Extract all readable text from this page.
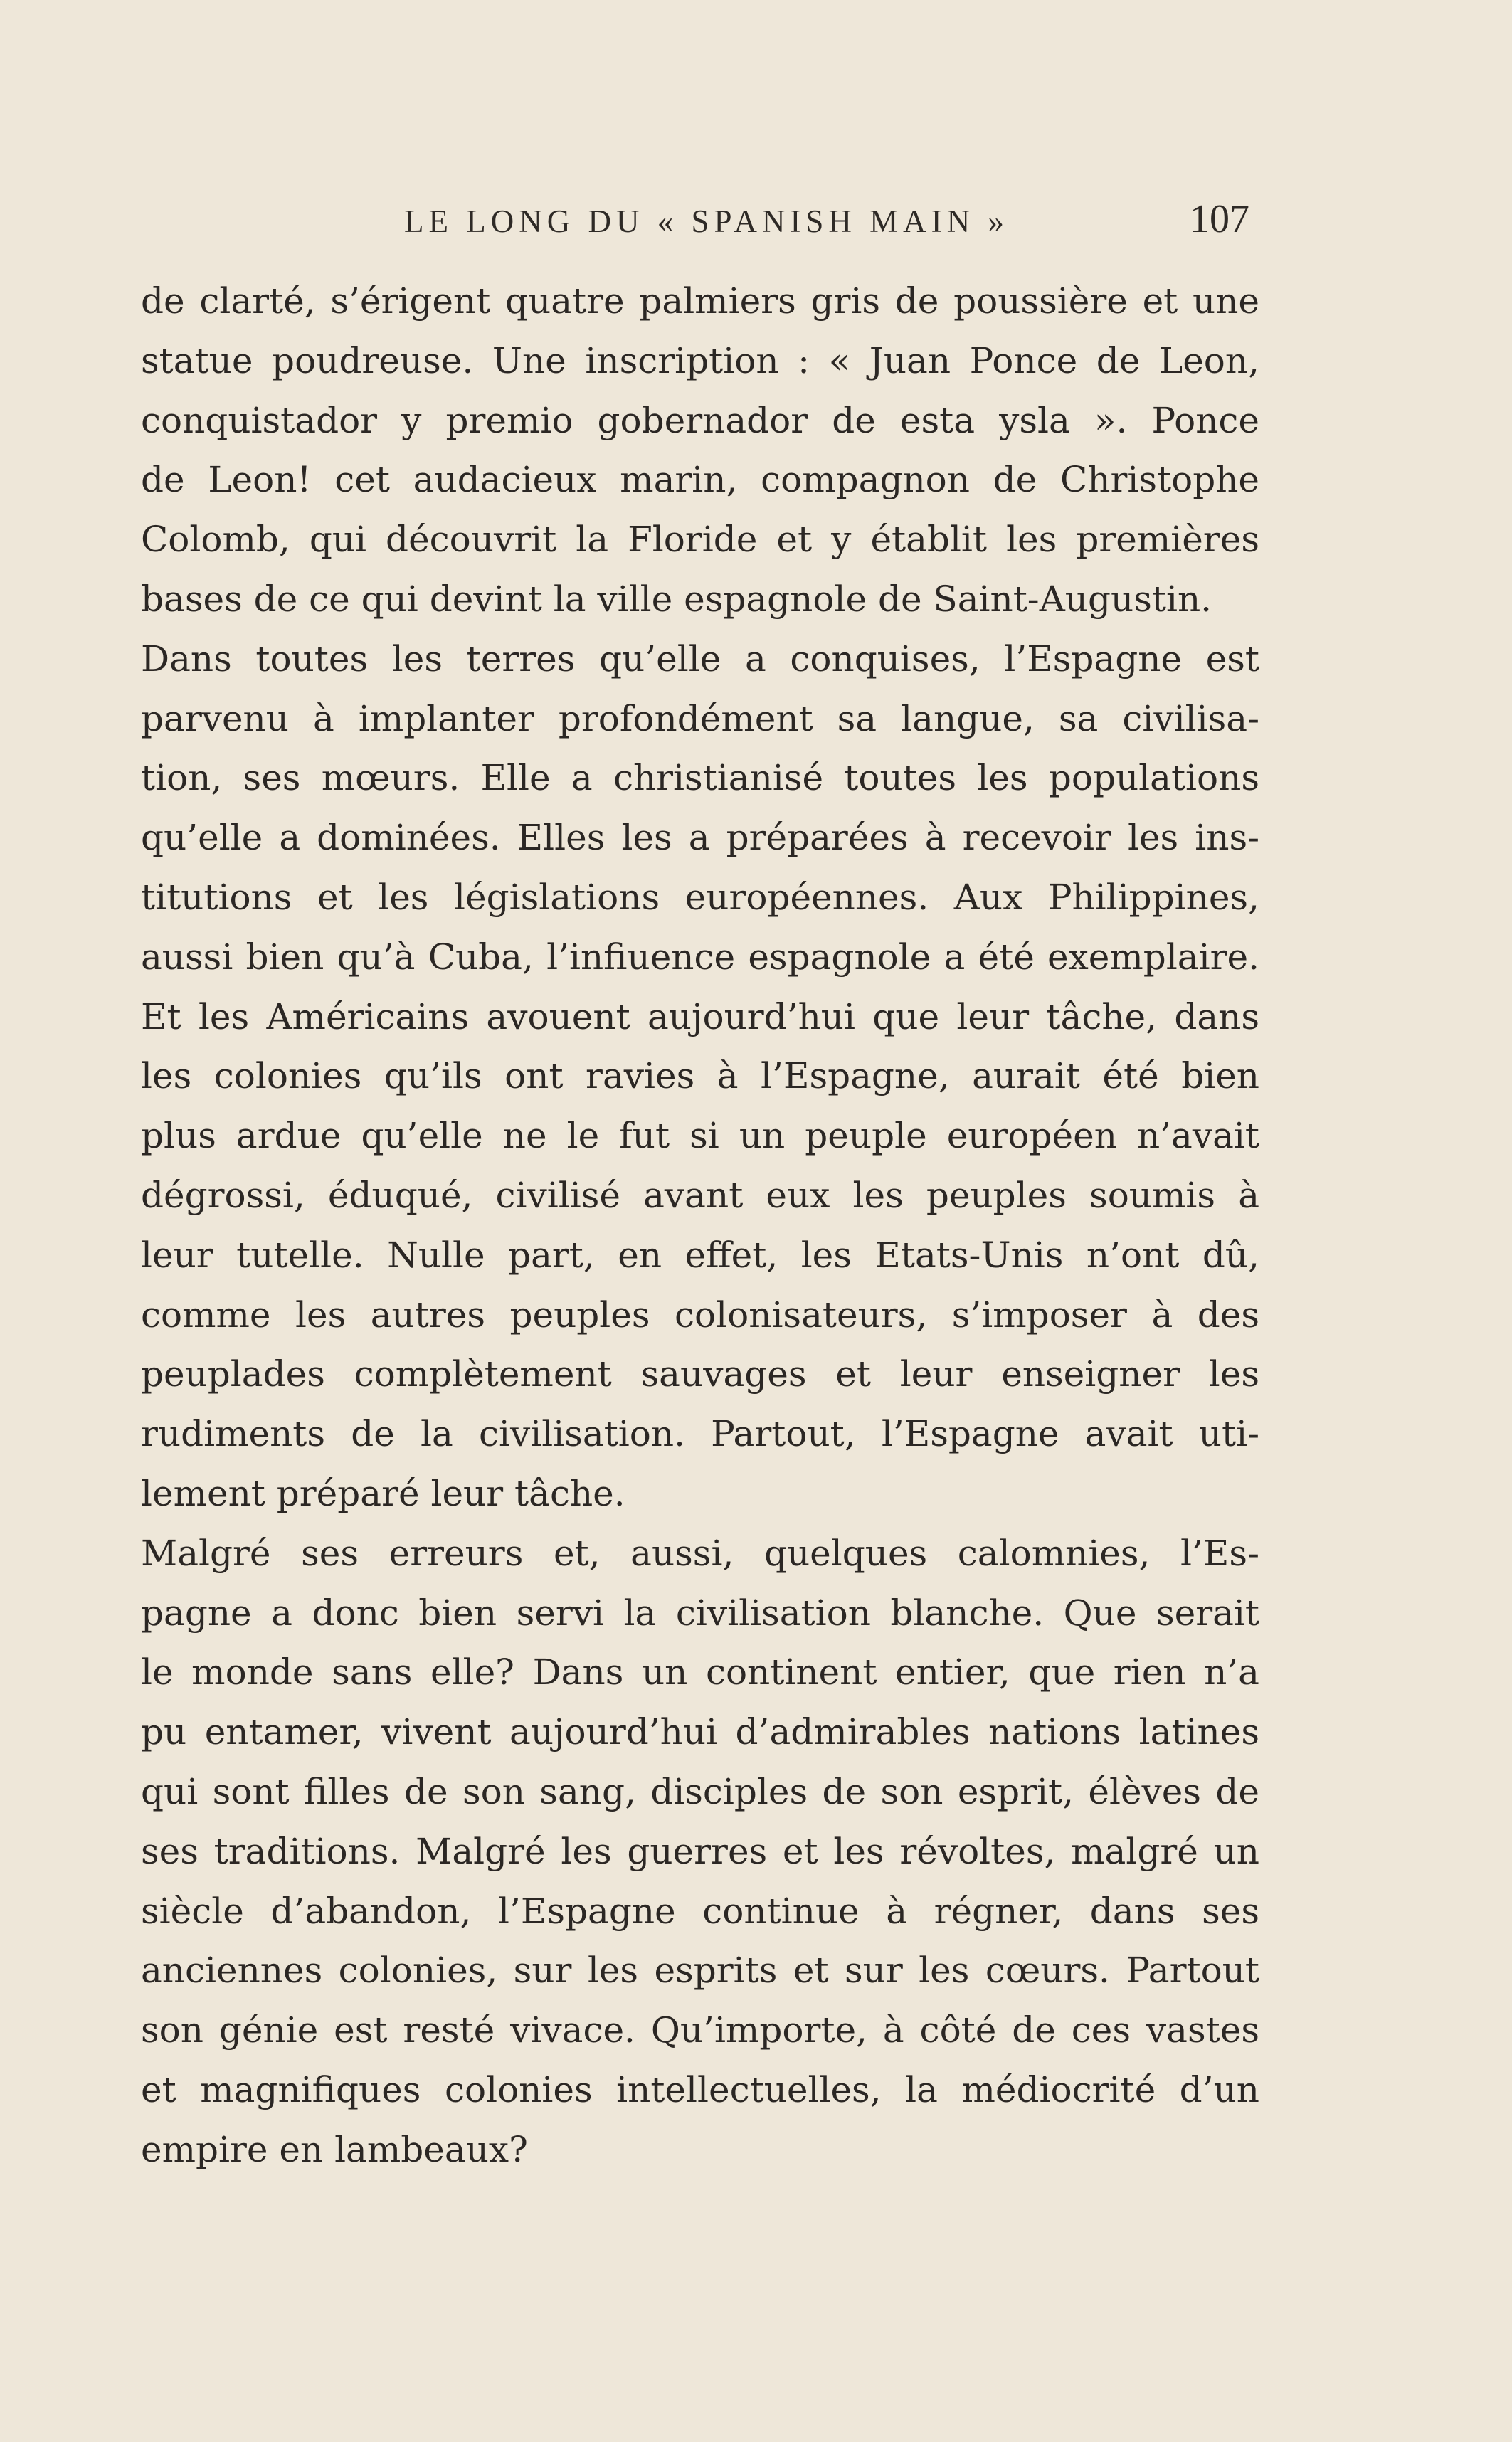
LE LONG DU « SPANISH MAIN »	107
de clarté, s’érigent quatre palmiers gris de poussière et une
statue poudreuse. Une inscription : « Juan Ponce de Leon,
conquistador y premio gobernador de esta ysla ». Ponce
de Leon! cet audacieux marin, compagnon de Christophe
Colomb, qui découvrit la Floride et y établit les premières
bases de ce qui devint la ville espagnole de Saint-Augustin.
Dans toutes les terres qu’elle a conquises, l’Espagne est
parvenu à implanter profondément sa langue, sa civilisa-
tion, ses mœurs. Elle a christianisé toutes les populations
qu’elle a dominées. Elles les a préparées à recevoir les ins-
titutions et les législations européennes. Aux Philippines,
aussi bien qu’à Cuba, l’infiuence espagnole a été exemplaire.
Et les Américains avouent aujourd’hui que leur tâche, dans
les colonies qu’ils ont ravies à l’Espagne, aurait été bien
plus ardue qu’elle ne le fut si un peuple européen n’avait
dégrossi, éduqué, civilisé avant eux les peuples soumis à
leur tutelle. Nulle part, en effet, les Etats-Unis n’ont dû,
comme les autres peuples colonisateurs, s’imposer à des
peuplades complètement sauvages et leur enseigner les
rudiments de la civilisation. Partout, l’Espagne avait uti-
lement préparé leur tâche.
Malgré ses erreurs et, aussi, quelques calomnies, l’Es-
pagne a donc bien servi la civilisation blanche. Que serait
le monde sans elle? Dans un continent entier, que rien n’a
pu entamer, vivent aujourd’hui d’admirables nations latines
qui sont filles de son sang, disciples de son esprit, élèves de
ses traditions. Malgré les guerres et les révoltes, malgré un
siècle d’abandon, l’Espagne continue à régner, dans ses
anciennes colonies, sur les esprits et sur les cœurs. Partout
son génie est resté vivace. Qu’importe, à côté de ces vastes
et magnifiques colonies intellectuelles, la médiocrité d’un
empire en lambeaux?
